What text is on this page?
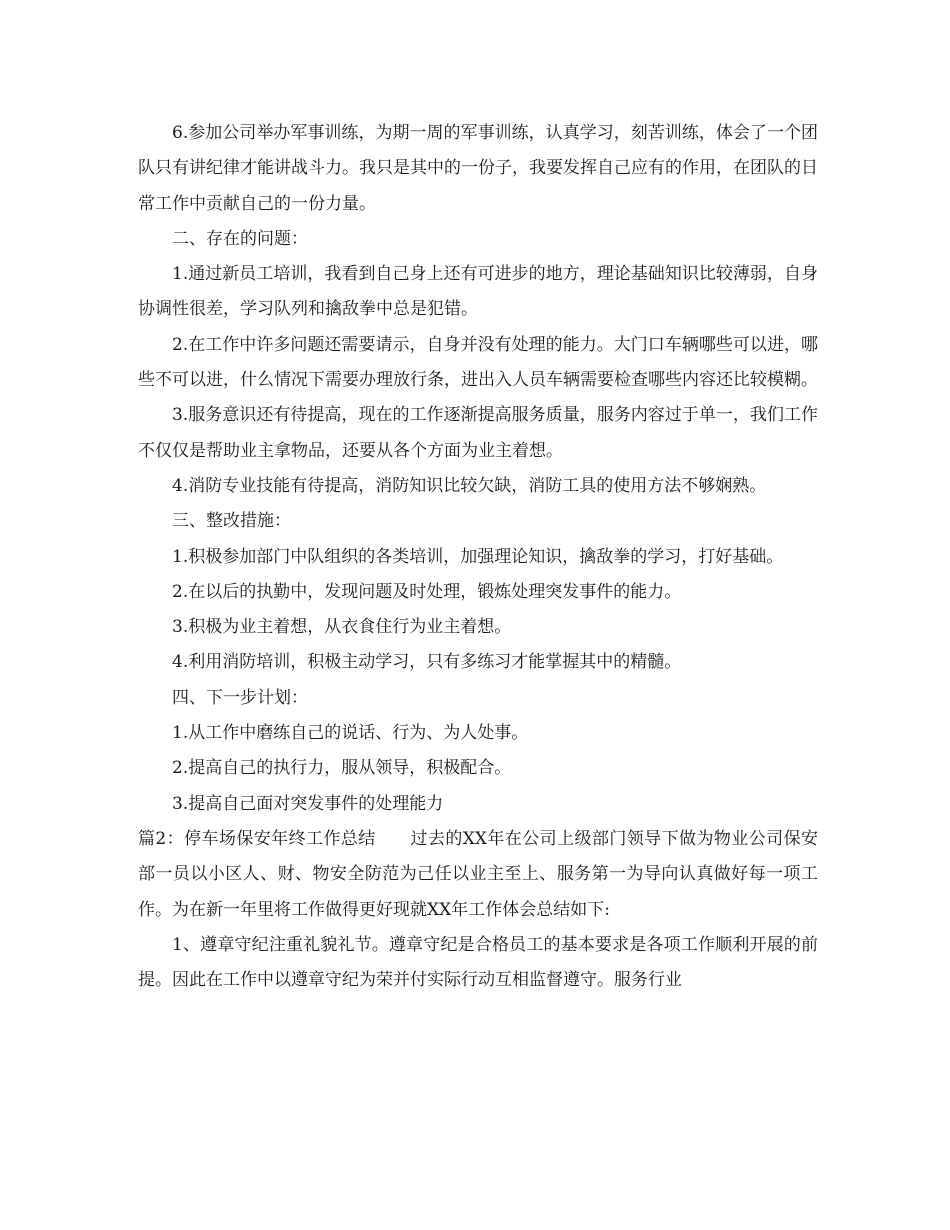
6.参加公司举办军事训练，为期一周的军事训练，认真学习，刻苦训练，体会了一个团队只有讲纪律才能讲战斗力。我只是其中的一份子，我要发挥自己应有的作用，在团队的日常工作中贡献自己的一份力量。

二、存在的问题：

1.通过新员工培训，我看到自己身上还有可进步的地方，理论基础知识比较薄弱，自身协调性很差，学习队列和擒敌拳中总是犯错。

2.在工作中许多问题还需要请示，自身并没有处理的能力。大门口车辆哪些可以进，哪些不可以进，什么情况下需要办理放行条，进出入人员车辆需要检查哪些内容还比较模糊。

3.服务意识还有待提高，现在的工作逐渐提高服务质量，服务内容过于单一，我们工作不仅仅是帮助业主拿物品，还要从各个方面为业主着想。

4.消防专业技能有待提高，消防知识比较欠缺，消防工具的使用方法不够娴熟。

三、整改措施：

1.积极参加部门中队组织的各类培训，加强理论知识，擒敌拳的学习，打好基础。

2.在以后的执勤中，发现问题及时处理，锻炼处理突发事件的能力。

3.积极为业主着想，从衣食住行为业主着想。

4.利用消防培训，积极主动学习，只有多练习才能掌握其中的精髓。

四、下一步计划：

1.从工作中磨练自己的说话、行为、为人处事。

2.提高自己的执行力，服从领导，积极配合。

3.提高自己面对突发事件的处理能力

篇2：停车场保安年终工作总结　　过去的XX年在公司上级部门领导下做为物业公司保安部一员以小区人、财、物安全防范为己任以业主至上、服务第一为导向认真做好每一项工作。为在新一年里将工作做得更好现就XX年工作体会总结如下:

1、遵章守纪注重礼貌礼节。遵章守纪是合格员工的基本要求是各项工作顺利开展的前提。因此在工作中以遵章守纪为荣并付实际行动互相监督遵守。服务行业
